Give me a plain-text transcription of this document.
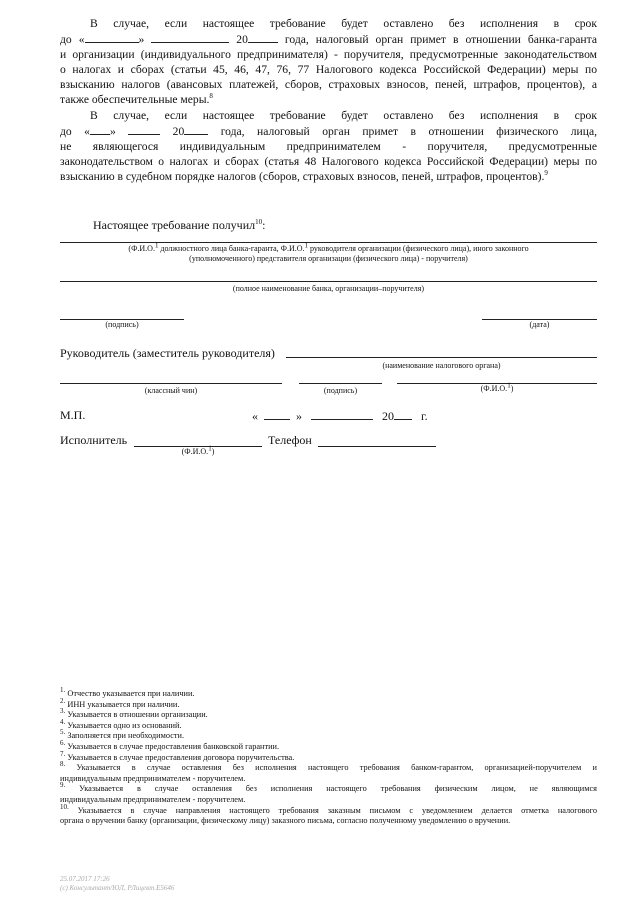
В случае, если настоящее требование будет оставлено без исполнения в срок
до «	»	20	года, налоговый орган примет в отношении банка-гаранта
и организации (индивидуального предпринимателя) - поручителя, предусмотренные законодательством
о налогах и сборах (статьи 45, 46, 47, 76, 77 Налогового кодекса Российской Федерации) меры по
взысканию налогов (авансовых платежей, сборов, страховых взносов, пеней, штрафов, процентов), а
также обеспечительные меры.$^8$
В случае, если настоящее требование будет оставлено без исполнения в срок
до « »	20	года, налоговый орган примет в отношении физического лица,
не являющегося индивидуальным предпринимателем - поручителя, предусмотренные
законодательством о налогах и сборах (статья 48 Налогового кодекса Российской Федерации) меры по
взысканию в судебном порядке налогов (сборов, страховых взносов, пеней, штрафов, процентов).$^9$
Настоящее требование получил$^{10}$:
(Ф.И.О.$^1$ должностного лица банка-гаранта, Ф.И.О.$^1$ руководителя организации (физического лица), иного законного
(уполномоченного) представителя организации (физического лица) - поручителя)
(полное наименование банка, организации–поручителя)
(подпись)	(дата)
Руководитель (заместитель руководителя)
(наименование налогового органа)
(классный чин)	(подпись)	(Ф.И.О.$^1$)
М.П.	«	»	20 г.
Исполнитель
(Ф.И.О.$^1$)
Телефон
$^{1.}$ Отчество указывается при наличии.
$^{2.}$ ИНН указывается при наличии.
$^{3.}$ Указывается в отношении организации.
$^{4.}$ Указывается одно из оснований.
$^{5.}$ Заполняется при необходимости.
$^{6.}$ Указывается в случае предоставления банковской гарантии.
$^{7.}$ Указывается в случае предоставления договора поручительства.
$^{8.}$ Указывается в случае оставления без исполнения настоящего требования банком-гарантом, организацией-поручителем и
индивидуальным предпринимателем - поручителем.
$^{9.}$ Указывается в случае оставления без исполнения настоящего требования физическим лицом, не являющимся
индивидуальным предпринимателем - поручителем.
$^{10.}$ Указывается в случае направления настоящего требования заказным письмом с уведомлением делается отметка налогового
органа о вручении банку (организации, физическому лицу) заказного письма, согласно полученному уведомлению о вручении.
25.07.2017 17:26
(c) Консультант/ЮЛ, РЛицевт.Е5646
